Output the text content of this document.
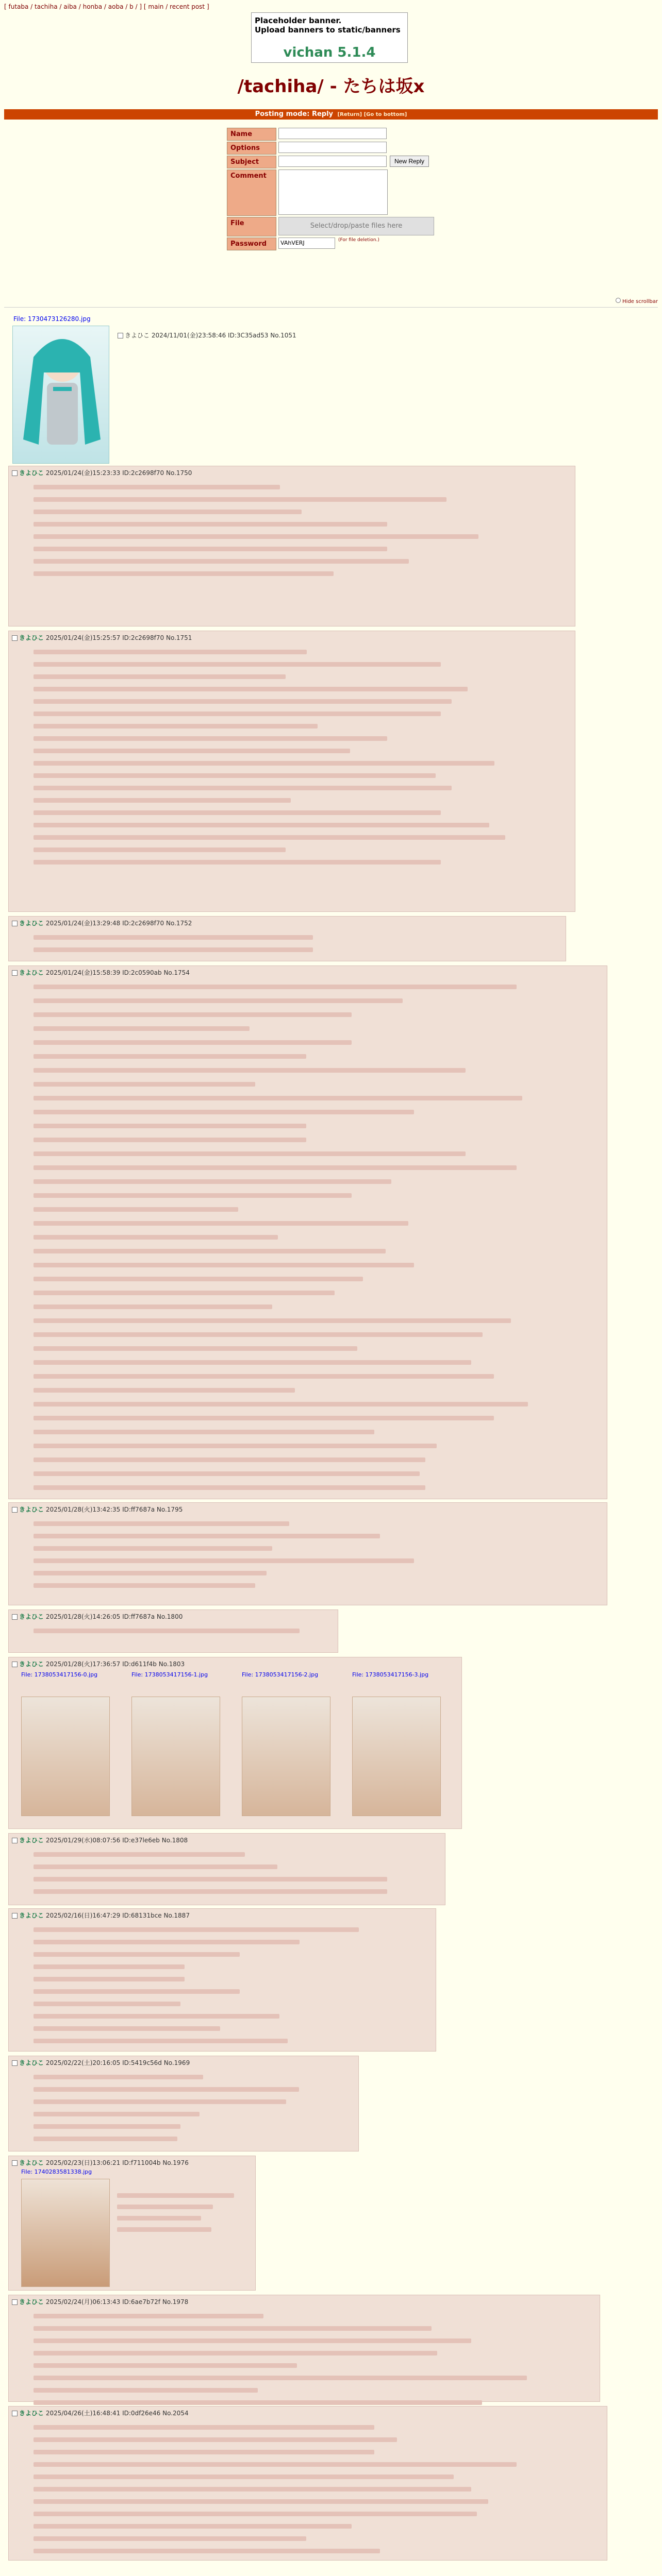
[ futaba / tachiha / aiba / honba / aoba / b / ] [ main / recent post ]
Placeholder banner.
Upload banners to static/banners
vichan 5.1.4
/tachiha/ - たちは坂x
Posting mode: Reply [Return] [Go to bottom]
Name
Options
Subject	New Reply
Comment
File	Select/drop/paste files here
Password	VAhVERJ	(For file deletion.)
Hide scrollbar
File: 1730473126280.jpg
きよひこ 2024/11/01(金)23:58:46 ID:3C35ad53 No.1051
きよひこ 2025/01/24(金)15:23:33 ID:2c2698f70 No.1750
きよひこ 2025/01/24(金)15:25:57 ID:2c2698f70 No.1751
きよひこ 2025/01/24(金)13:29:48 ID:2c2698f70 No.1752
きよひこ 2025/01/24(金)15:58:39 ID:2c0590ab No.1754
きよひこ 2025/01/28(火)13:42:35 ID:ff7687a No.1795
きよひこ 2025/01/28(火)14:26:05 ID:ff7687a No.1800
きよひこ 2025/01/28(火)17:36:57 ID:d611f4b No.1803
File: 1738053417156-0.jpg	File: 1738053417156-1.jpg	File: 1738053417156-2.jpg	File: 1738053417156-3.jpg
きよひこ 2025/01/29(水)08:07:56 ID:e37le6eb No.1808
きよひこ 2025/02/16(日)16:47:29 ID:68131bce No.1887
きよひこ 2025/02/22(土)20:16:05 ID:5419c56d No.1969
きよひこ 2025/02/23(日)13:06:21 ID:f711004b No.1976
File: 1740283581338.jpg
きよひこ 2025/02/24(月)06:13:43 ID:6ae7b72f No.1978
きよひこ 2025/04/26(土)16:48:41 ID:0df26e46 No.2054
